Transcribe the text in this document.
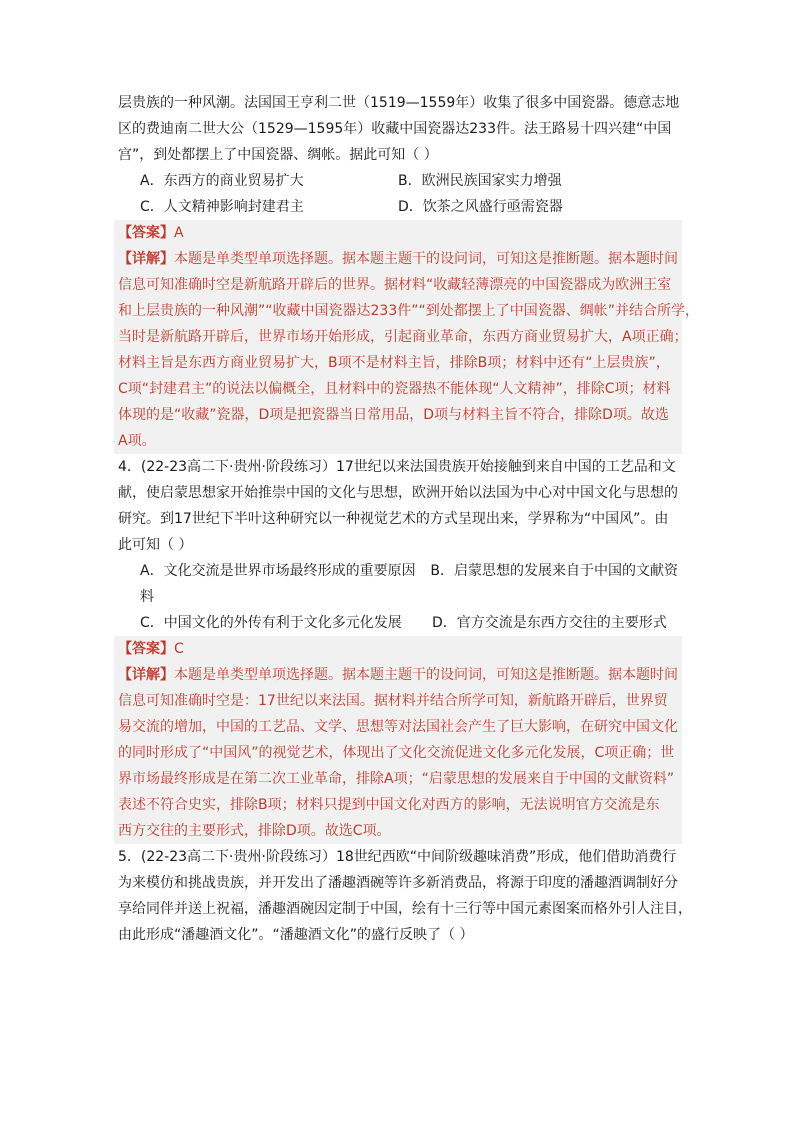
层贵族的一种风潮。法国国王亨利二世（1519—1559年）收集了很多中国瓷器。德意志地
区的费迪南二世大公（1529—1595年）收藏中国瓷器达233件。法王路易十四兴建“中国
宫”，到处都摆上了中国瓷器、绸帐。据此可知（ ）
A．东西方的商业贸易扩大	B．欧洲民族国家实力增强
C．人文精神影响封建君主	D．饮茶之风盛行亟需瓷器
【答案】A
【详解】本题是单类型单项选择题。据本题主题干的设问词，可知这是推断题。据本题时间
信息可知准确时空是新航路开辟后的世界。据材料“收藏轻薄漂亮的中国瓷器成为欧洲王室
和上层贵族的一种风潮”“收藏中国瓷器达233件”“到处都摆上了中国瓷器、绸帐”并结合所学，
当时是新航路开辟后，世界市场开始形成，引起商业革命，东西方商业贸易扩大，A项正确；
材料主旨是东西方商业贸易扩大，B项不是材料主旨，排除B项；材料中还有“上层贵族”，
C项“封建君主”的说法以偏概全，且材料中的瓷器热不能体现“人文精神”，排除C项；材料
体现的是“收藏”瓷器，D项是把瓷器当日常用品，D项与材料主旨不符合，排除D项。故选
A项。
4．(22-23高二下·贵州·阶段练习）17世纪以来法国贵族开始接触到来自中国的工艺品和文
献，使启蒙思想家开始推崇中国的文化与思想，欧洲开始以法国为中心对中国文化与思想的
研究。到17世纪下半叶这种研究以一种视觉艺术的方式呈现出来，学界称为“中国风”。由
此可知（ ）
A．文化交流是世界市场最终形成的重要原因	B．启蒙思想的发展来自于中国的文献资
料
C．中国文化的外传有利于文化多元化发展	D．官方交流是东西方交往的主要形式
【答案】C
【详解】本题是单类型单项选择题。据本题主题干的设问词，可知这是推断题。据本题时间
信息可知准确时空是：17世纪以来法国。据材料并结合所学可知，新航路开辟后，世界贸
易交流的增加，中国的工艺品、文学、思想等对法国社会产生了巨大影响，在研究中国文化
的同时形成了“中国风”的视觉艺术，体现出了文化交流促进文化多元化发展，C项正确；世
界市场最终形成是在第二次工业革命，排除A项；“启蒙思想的发展来自于中国的文献资料”
表述不符合史实，排除B项；材料只提到中国文化对西方的影响，无法说明官方交流是东
西方交往的主要形式，排除D项。故选C项。
5．(22-23高二下·贵州·阶段练习）18世纪西欧“中间阶级趣味消费”形成，他们借助消费行
为来模仿和挑战贵族，并开发出了潘趣酒碗等许多新消费品，将源于印度的潘趣酒调制好分
享给同伴并送上祝福，潘趣酒碗因定制于中国，绘有十三行等中国元素图案而格外引人注目，
由此形成“潘趣酒文化”。“潘趣酒文化”的盛行反映了（ ）
